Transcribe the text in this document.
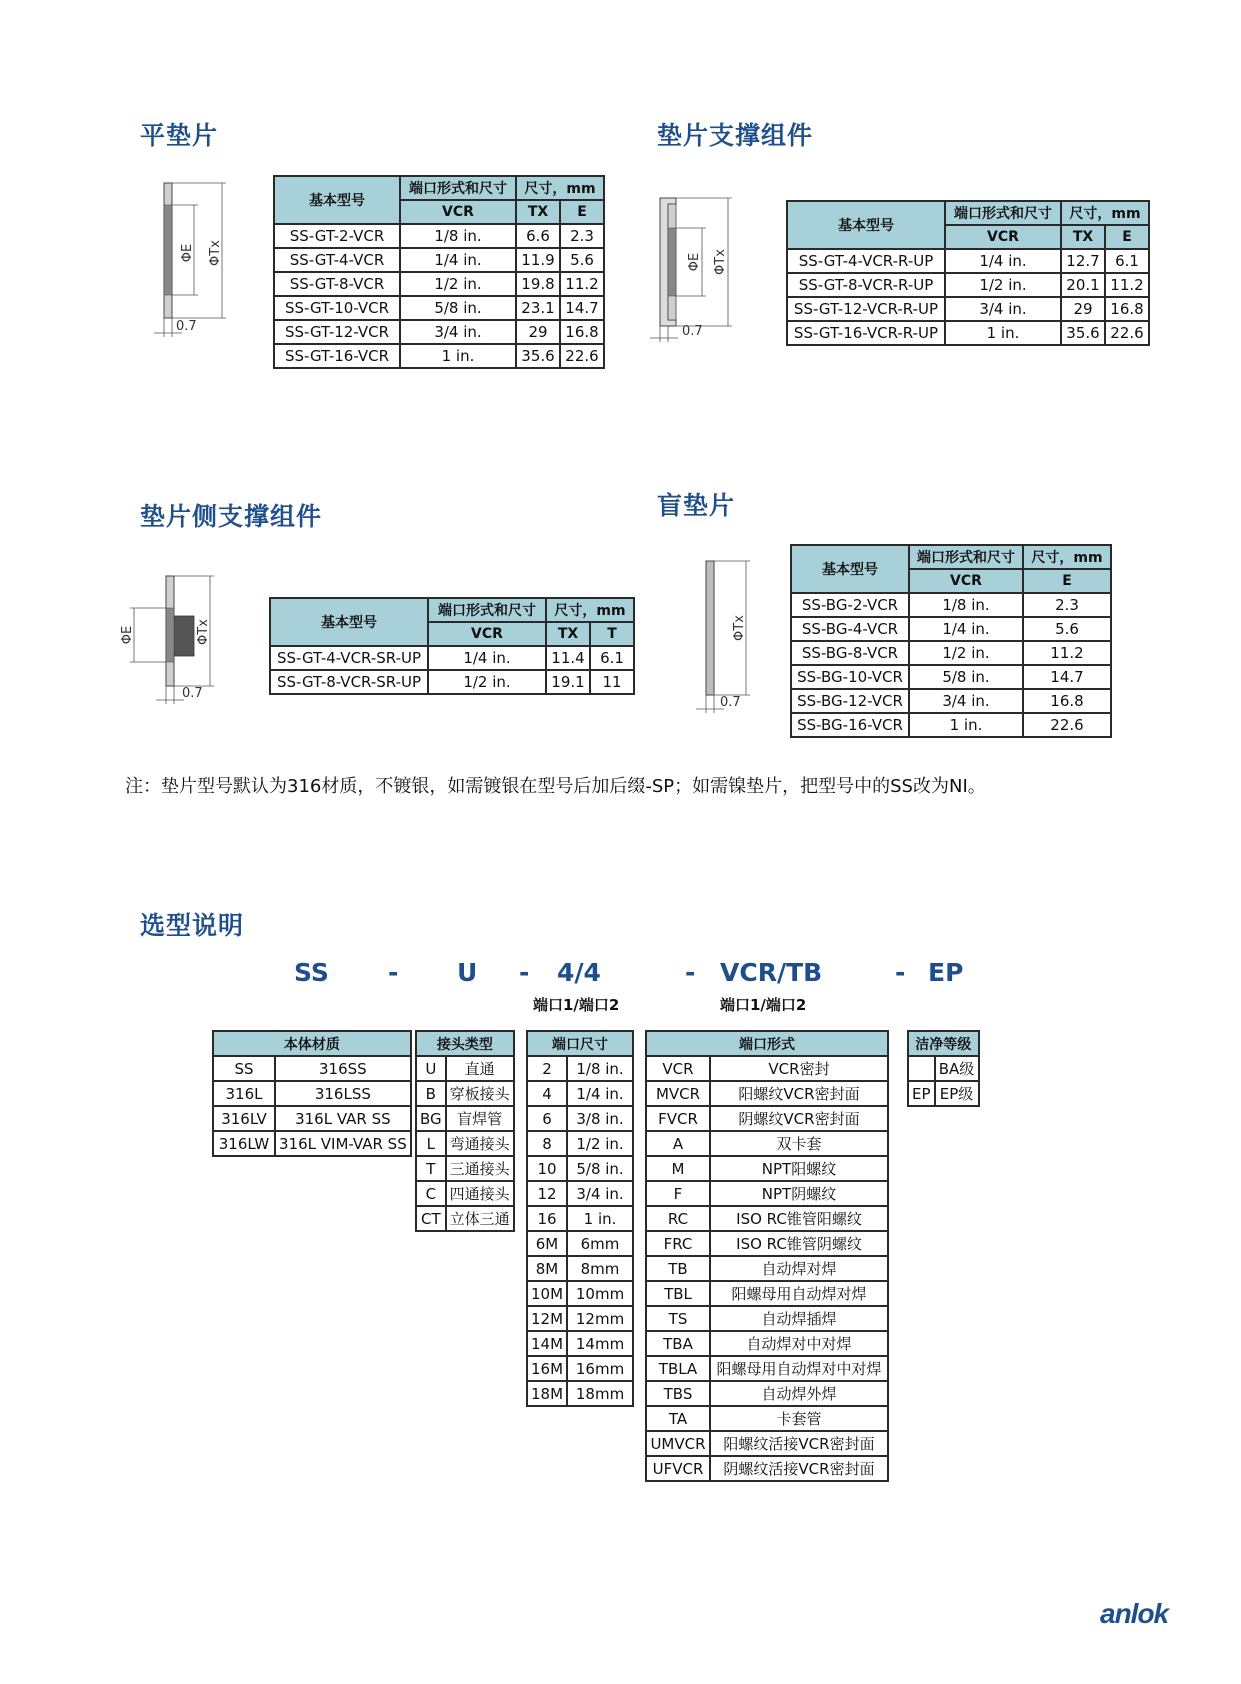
平垫片	垫片支撑组件
垫片侧支撑组件	盲垫片
选型说明
ΦE ΦTx
0.7
基本型号	端口形式和尺寸	尺寸，mm	
	VCR	TX	E
SS-GT-2-VCR	1/8 in.	6.6	2.3
SS-GT-4-VCR	1/4 in.	11.9	5.6
SS-GT-8-VCR	1/2 in.	19.8	11.2
SS-GT-10-VCR	5/8 in.	23.1	14.7
SS-GT-12-VCR	3/4 in.	29	16.8
SS-GT-16-VCR	1 in.	35.6	22.6
ΦE ΦTx
0.7
基本型号	端口形式和尺寸	尺寸，mm	
	VCR	TX	E
SS-GT-4-VCR-R-UP	1/4 in.	12.7	6.1
SS-GT-8-VCR-R-UP	1/2 in.	20.1	11.2
SS-GT-12-VCR-R-UP	3/4 in.	29	16.8
SS-GT-16-VCR-R-UP	1 in.	35.6	22.6
ΦE	ΦTx
0.7
基本型号	端口形式和尺寸	尺寸，mm	
	VCR	TX	T
SS-GT-4-VCR-SR-UP	1/4 in.	11.4	6.1
SS-GT-8-VCR-SR-UP	1/2 in.	19.1	11
ΦTx
0.7
基本型号	端口形式和尺寸	尺寸，mm
	VCR	E
SS-BG-2-VCR	1/8 in.	2.3
SS-BG-4-VCR	1/4 in.	5.6
SS-BG-8-VCR	1/2 in.	11.2
SS-BG-10-VCR	5/8 in.	14.7
SS-BG-12-VCR	3/4 in.	16.8
SS-BG-16-VCR	1 in.	22.6
注：垫片型号默认为316材质，不镀银，如需镀银在型号后加后缀-SP；如需镍垫片，把型号中的SS改为NI。
SS - U - 4/4	- VCR/TB	- EP
端口1/端口2	端口1/端口2
本体材质	
SS	316SS
316L	316LSS
316LV	316L VAR SS
316LW	316L VIM-VAR SS
接头类型	
U	直通
B	穿板接头
BG	盲焊管
L	弯通接头
T	三通接头
C	四通接头
CT	立体三通
端口尺寸	
2	1/8 in.
4	1/4 in.
6	3/8 in.
8	1/2 in.
10	5/8 in.
12	3/4 in.
16	1 in.
6M	6mm
8M	8mm
10M	10mm
12M	12mm
14M	14mm
16M	16mm
18M	18mm
端口形式	
VCR	VCR密封
MVCR	阳螺纹VCR密封面
FVCR	阴螺纹VCR密封面
A	双卡套
M	NPT阳螺纹
F	NPT阴螺纹
RC	ISO RC锥管阳螺纹
FRC	ISO RC锥管阴螺纹
TB	自动焊对焊
TBL	阳螺母用自动焊对焊
TS	自动焊插焊
TBA	自动焊对中对焊
TBLA	阳螺母用自动焊对中对焊
TBS	自动焊外焊
TA	卡套管
UMVCR	阳螺纹活接VCR密封面
UFVCR	阴螺纹活接VCR密封面
洁净等级	
	BA级
EP	EP级
anlok
